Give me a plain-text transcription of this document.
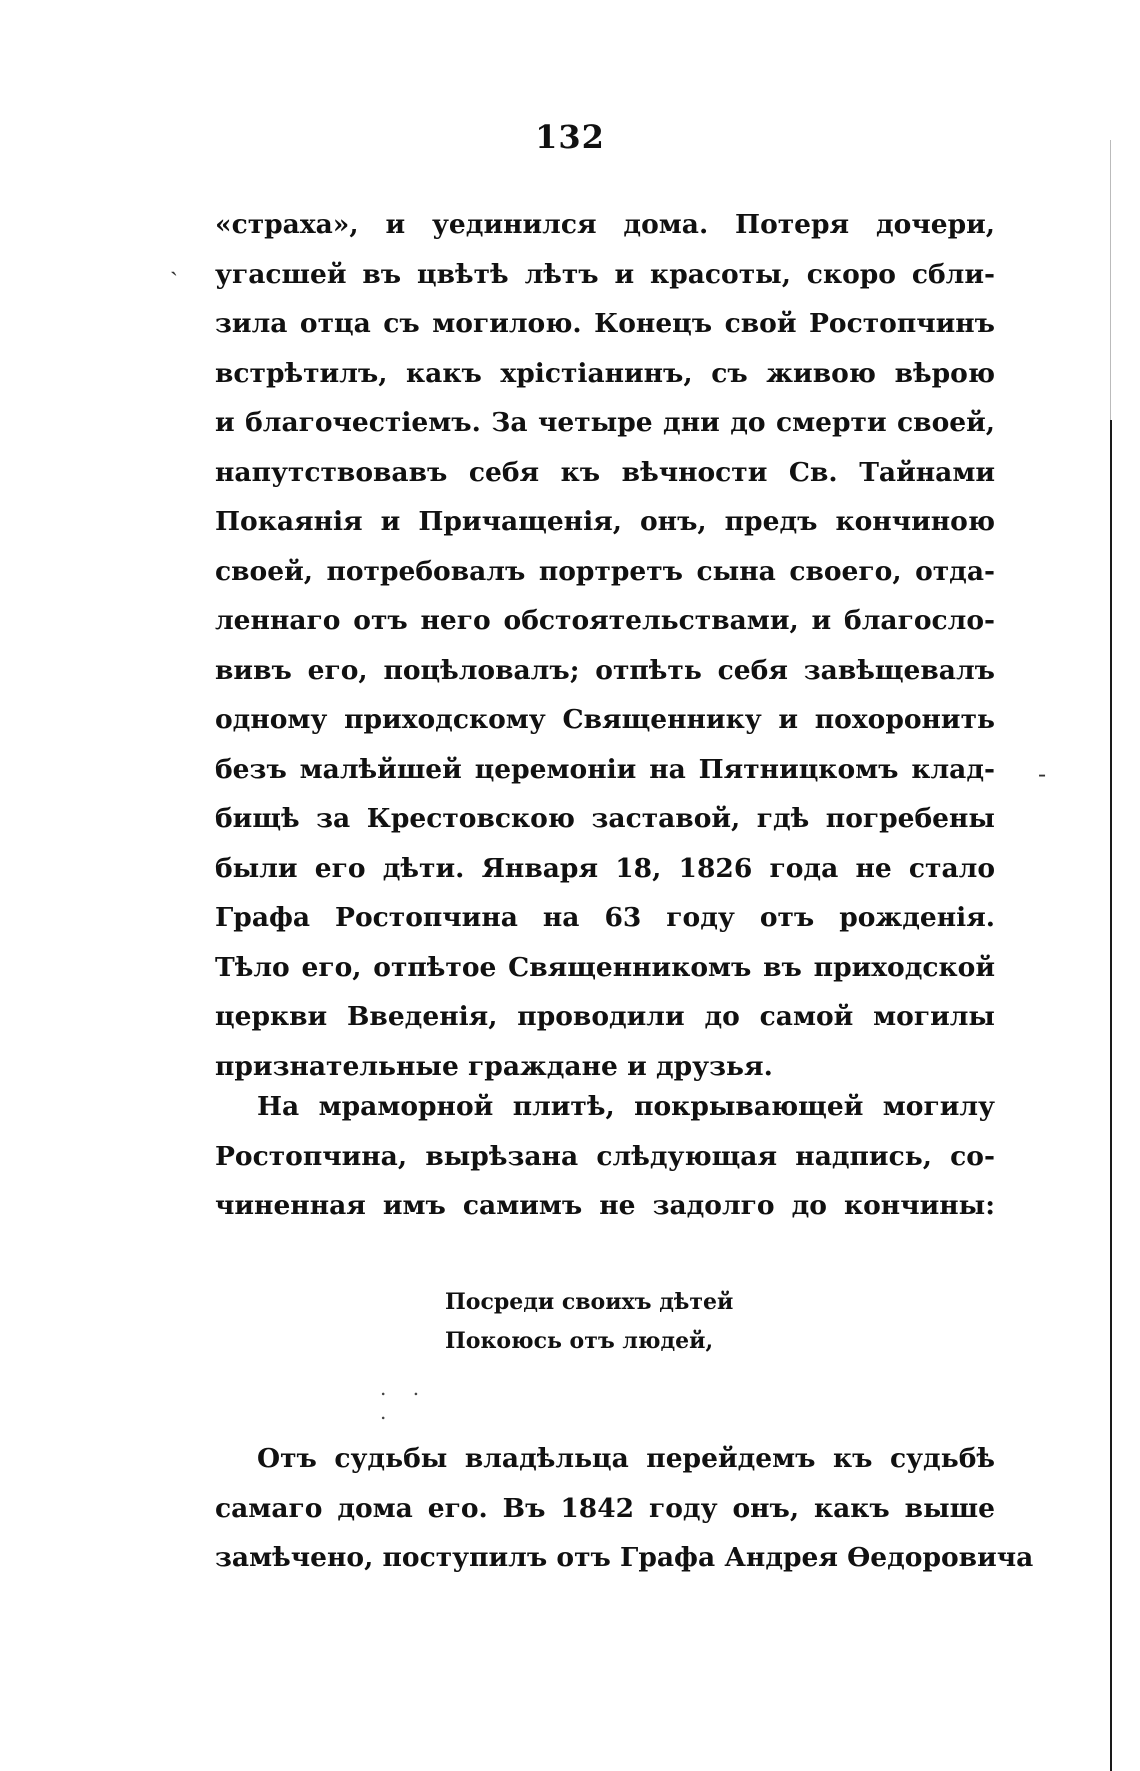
132
ˏ
-
«страха», и уединился дома. Потеря дочери,
угасшей въ цвѣтѣ лѣтъ и красоты, скоро сбли-
зила отца съ могилою. Конецъ свой Ростопчинъ
встрѣтилъ, какъ хрістіанинъ, съ живою вѣрою
и благочестіемъ. За четыре дни до смерти своей,
напутствовавъ себя къ вѣчности Св. Тайнами
Покаянія и Причащенія, онъ, предъ кончиною
своей, потребовалъ портретъ сына своего, отда-
леннаго отъ него обстоятельствами, и благосло-
вивъ его, поцѣловалъ; отпѣть себя завѣщевалъ
одному приходскому Священнику и похоронить
безъ малѣйшей церемоніи на Пятницкомъ клад-
бищѣ за Крестовскою заставой, гдѣ погребены
были его дѣти. Января 18, 1826 года не стало
Графа Ростопчина на 63 году отъ рожденія.
Тѣло его, отпѣтое Священникомъ въ приходской
церкви Введенія, проводили до самой могилы
признательные граждане и друзья.
На мраморной плитѣ, покрывающей могилу
Ростопчина, вырѣзана слѣдующая надпись, со-
чиненная имъ самимъ не задолго до кончины:
Посреди своихъ дѣтей
Покоюсь отъ людей,
. . .
Отъ судьбы владѣльца перейдемъ къ судьбѣ
самаго дома его. Въ 1842 году онъ, какъ выше
замѣчено, поступилъ отъ Графа Андрея Ѳедоровича
